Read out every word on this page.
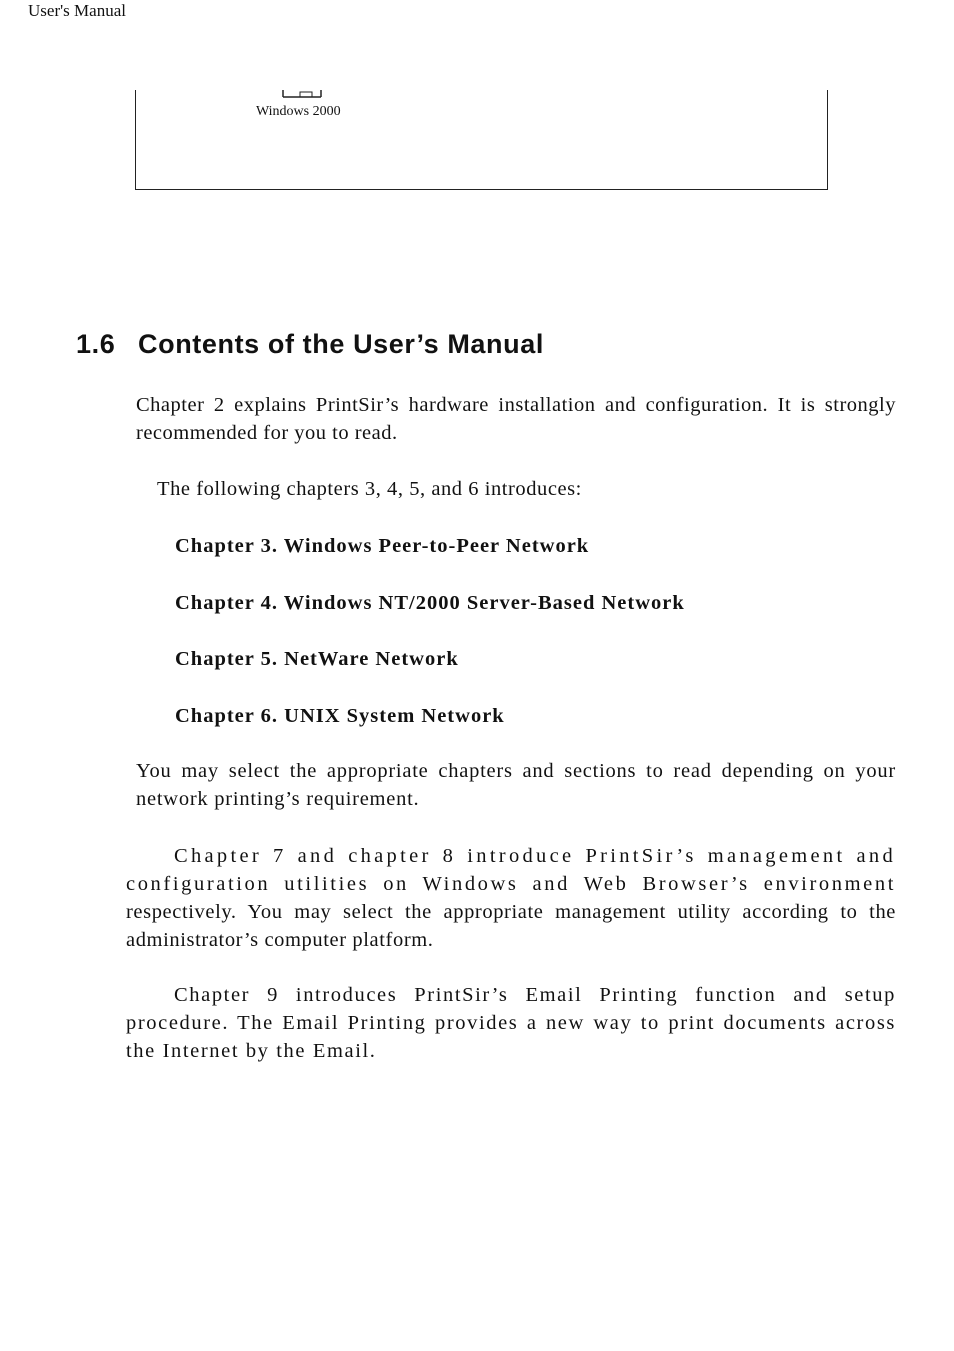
User's Manual
Windows 2000
1.6 Contents of the User’s Manual

Chapter 2 explains PrintSir’s hardware installation and configuration. It is strongly recommended for you to read.

The following chapters 3, 4, 5, and 6 introduces:

Chapter 3. Windows Peer-to-Peer Network
Chapter 4. Windows NT/2000 Server-Based Network
Chapter 5. NetWare Network
Chapter 6. UNIX System Network

You may select the appropriate chapters and sections to read depending on your network printing’s requirement.

Chapter 7 and chapter 8 introduce PrintSir’s management and configuration utilities on Windows and Web Browser’s environment respectively. You may select the appropriate management utility according to the administrator’s computer platform.

Chapter 9 introduces PrintSir’s Email Printing function and setup procedure. The Email Printing provides a new way to print documents across the Internet by the Email.
